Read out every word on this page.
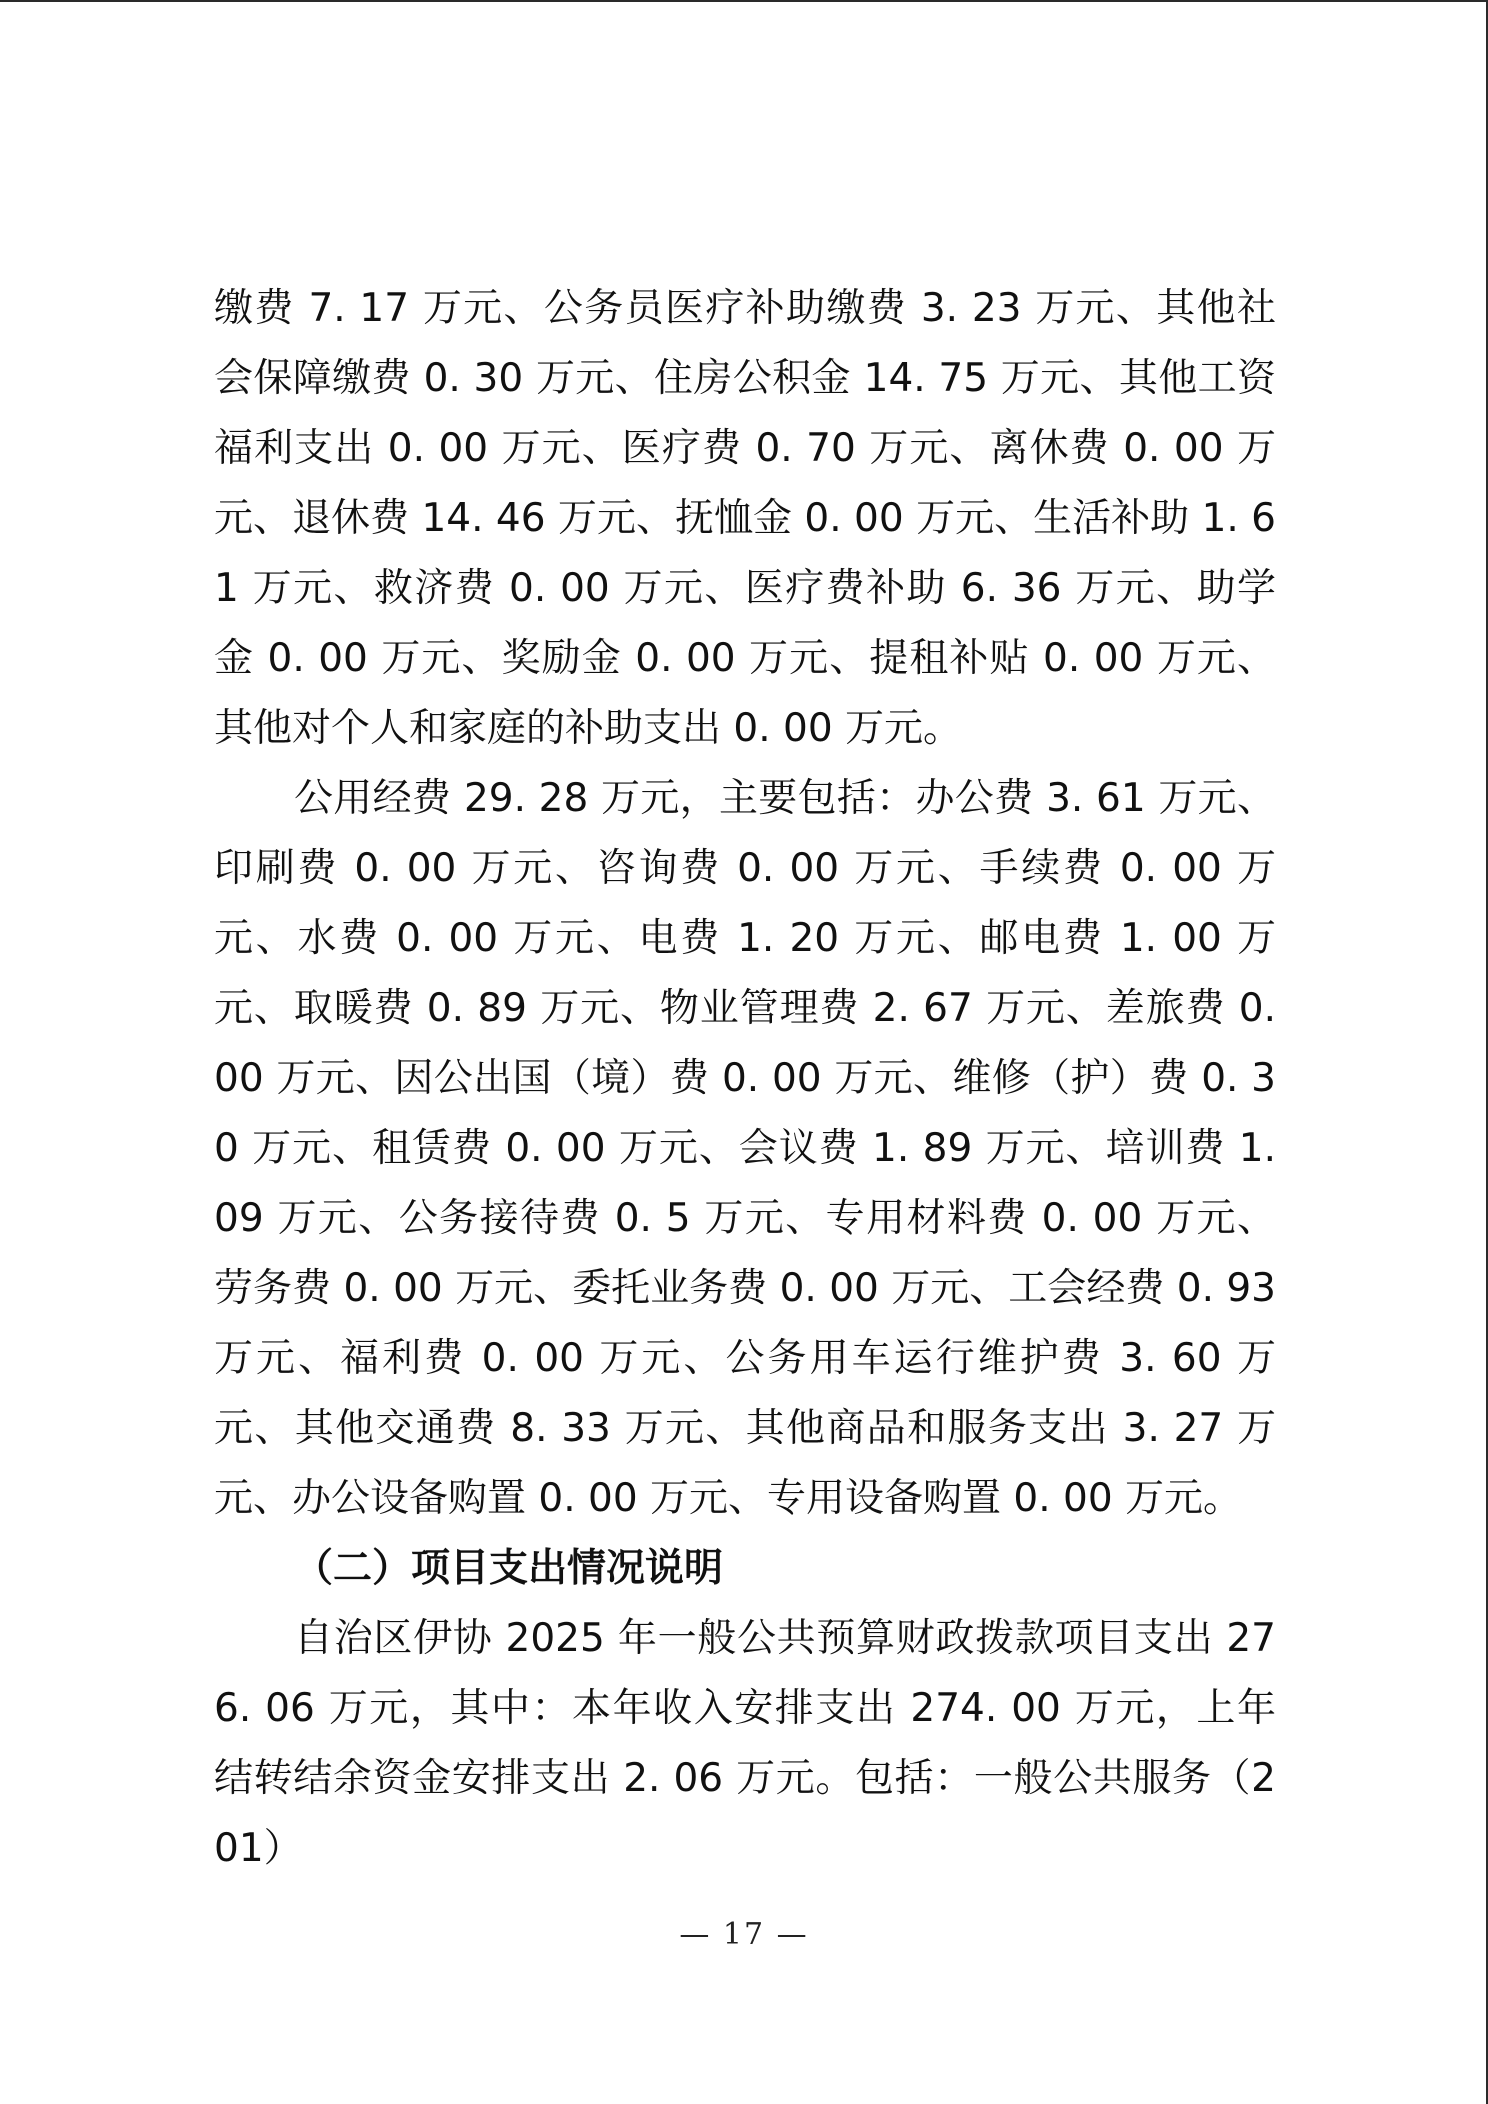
缴费 7. 17 万元、公务员医疗补助缴费 3. 23 万元、其他社会保障缴费 0. 30 万元、住房公积金 14. 75 万元、其他工资福利支出 0. 00 万元、医疗费 0. 70 万元、离休费 0. 00 万元、退休费 14. 46 万元、抚恤金 0. 00 万元、生活补助 1. 61 万元、救济费 0. 00 万元、医疗费补助 6. 36 万元、助学金 0. 00 万元、奖励金 0. 00 万元、提租补贴 0. 00 万元、其他对个人和家庭的补助支出 0. 00 万元。

公用经费 29. 28 万元，主要包括：办公费 3. 61 万元、印刷费 0. 00 万元、咨询费 0. 00 万元、手续费 0. 00 万元、水费 0. 00 万元、电费 1. 20 万元、邮电费 1. 00 万元、取暖费 0. 89 万元、物业管理费 2. 67 万元、差旅费 0. 00 万元、因公出国（境）费 0. 00 万元、维修（护）费 0. 30 万元、租赁费 0. 00 万元、会议费 1. 89 万元、培训费 1. 09 万元、公务接待费 0. 5 万元、专用材料费 0. 00 万元、劳务费 0. 00 万元、委托业务费 0. 00 万元、工会经费 0. 93 万元、福利费 0. 00 万元、公务用车运行维护费 3. 60 万元、其他交通费 8. 33 万元、其他商品和服务支出 3. 27 万元、办公设备购置 0. 00 万元、专用设备购置 0. 00 万元。

（二）项目支出情况说明

自治区伊协 2025 年一般公共预算财政拨款项目支出 276. 06 万元，其中：本年收入安排支出 274. 00 万元，上年结转结余资金安排支出 2. 06 万元。包括：一般公共服务（201）

— 17 —
